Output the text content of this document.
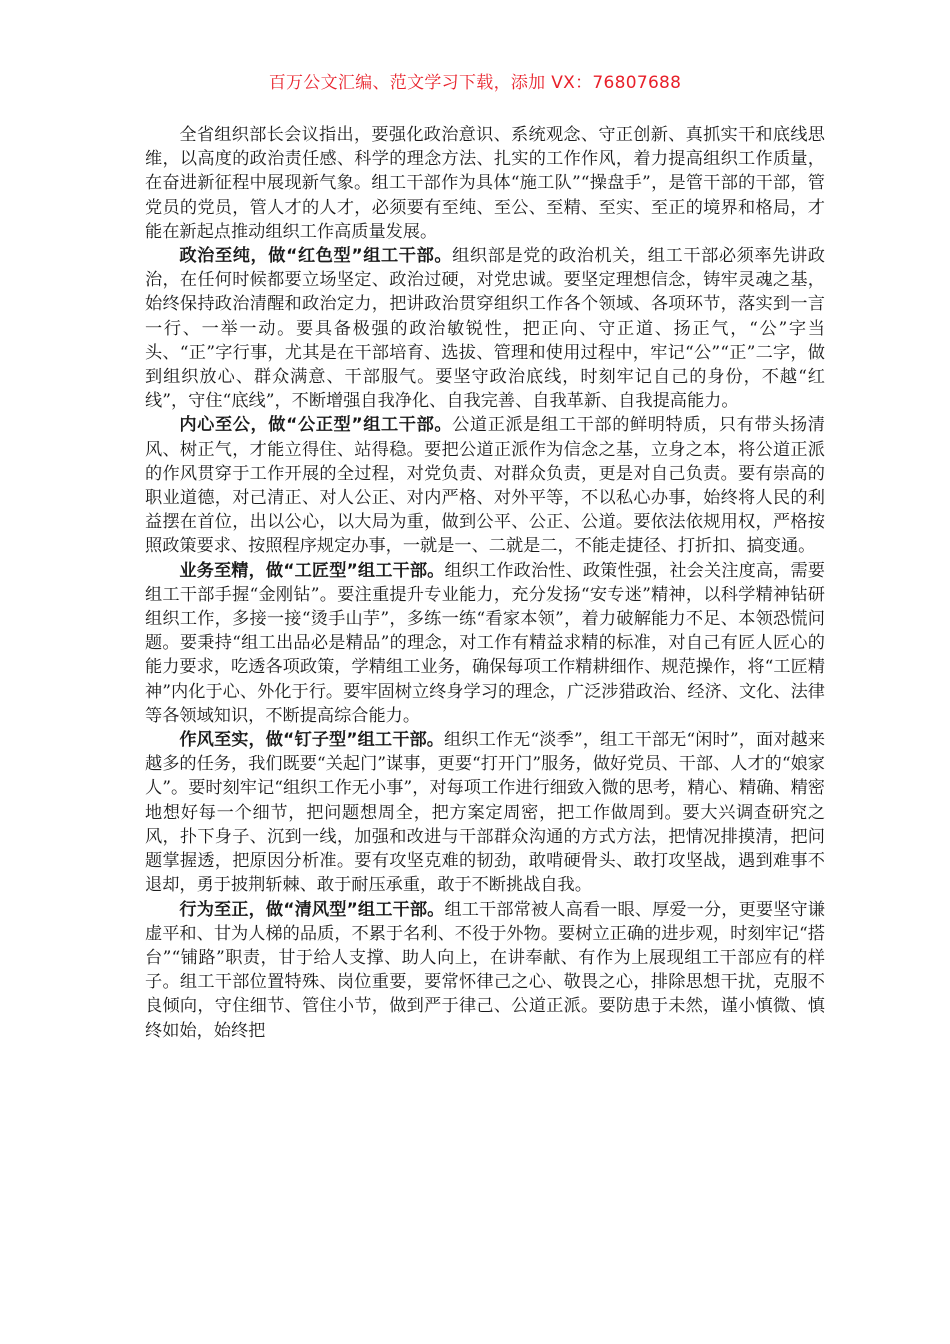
百万公文汇编、范文学习下载，添加 VX：76807688

全省组织部长会议指出，要强化政治意识、系统观念、守正创新、真抓实干和底线思维，以高度的政治责任感、科学的理念方法、扎实的工作作风，着力提高组织工作质量，在奋进新征程中展现新气象。组工干部作为具体“施工队”“操盘手”，是管干部的干部，管党员的党员，管人才的人才，必须要有至纯、至公、至精、至实、至正的境界和格局，才能在新起点推动组织工作高质量发展。

政治至纯，做“红色型”组工干部。组织部是党的政治机关，组工干部必须率先讲政治，在任何时候都要立场坚定、政治过硬，对党忠诚。要坚定理想信念，铸牢灵魂之基，始终保持政治清醒和政治定力，把讲政治贯穿组织工作各个领域、各项环节，落实到一言一行、一举一动。要具备极强的政治敏锐性，把正向、守正道、扬正气，“公”字当头、“正”字行事，尤其是在干部培育、选拔、管理和使用过程中，牢记“公”“正”二字，做到组织放心、群众满意、干部服气。要坚守政治底线，时刻牢记自己的身份，不越“红线”，守住“底线”，不断增强自我净化、自我完善、自我革新、自我提高能力。

内心至公，做“公正型”组工干部。公道正派是组工干部的鲜明特质，只有带头扬清风、树正气，才能立得住、站得稳。要把公道正派作为信念之基，立身之本，将公道正派的作风贯穿于工作开展的全过程，对党负责、对群众负责，更是对自己负责。要有崇高的职业道德，对己清正、对人公正、对内严格、对外平等，不以私心办事，始终将人民的利益摆在首位，出以公心，以大局为重，做到公平、公正、公道。要依法依规用权，严格按照政策要求、按照程序规定办事，一就是一、二就是二，不能走捷径、打折扣、搞变通。

业务至精，做“工匠型”组工干部。组织工作政治性、政策性强，社会关注度高，需要组工干部手握“金刚钻”。要注重提升专业能力，充分发扬“安专迷”精神，以科学精神钻研组织工作，多接一接“烫手山芋”，多练一练“看家本领”，着力破解能力不足、本领恐慌问题。要秉持“组工出品必是精品”的理念，对工作有精益求精的标准，对自己有匠人匠心的能力要求，吃透各项政策，学精组工业务，确保每项工作精耕细作、规范操作，将“工匠精神”内化于心、外化于行。要牢固树立终身学习的理念，广泛涉猎政治、经济、文化、法律等各领域知识，不断提高综合能力。

作风至实，做“钉子型”组工干部。组织工作无“淡季”，组工干部无“闲时”，面对越来越多的任务，我们既要“关起门”谋事，更要“打开门”服务，做好党员、干部、人才的“娘家人”。要时刻牢记“组织工作无小事”，对每项工作进行细致入微的思考，精心、精确、精密地想好每一个细节，把问题想周全，把方案定周密，把工作做周到。要大兴调查研究之风，扑下身子、沉到一线，加强和改进与干部群众沟通的方式方法，把情况排摸清，把问题掌握透，把原因分析准。要有攻坚克难的韧劲，敢啃硬骨头、敢打攻坚战，遇到难事不退却，勇于披荆斩棘、敢于耐压承重，敢于不断挑战自我。

行为至正，做“清风型”组工干部。组工干部常被人高看一眼、厚爱一分，更要坚守谦虚平和、甘为人梯的品质，不累于名利、不役于外物。要树立正确的进步观，时刻牢记“搭台”“铺路”职责，甘于给人支撑、助人向上，在讲奉献、有作为上展现组工干部应有的样子。组工干部位置特殊、岗位重要，要常怀律己之心、敬畏之心，排除思想干扰，克服不良倾向，守住细节、管住小节，做到严于律己、公道正派。要防患于未然，谨小慎微、慎终如始，始终把
